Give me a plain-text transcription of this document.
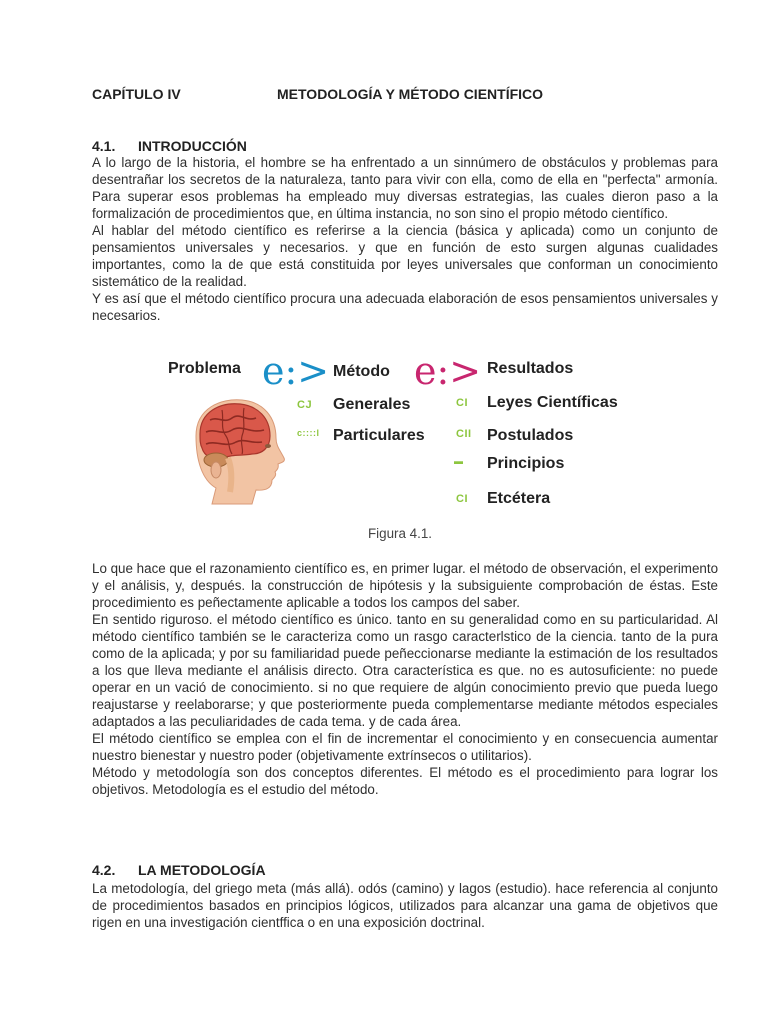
CAPÍTULO IV	METODOLOGÍA Y MÉTODO CIENTÍFICO
4.1. INTRODUCCIÓN

A lo largo de la historia, el hombre se ha enfrentado a un sinnúmero de obstáculos y problemas para desentrañar los secretos de la naturaleza, tanto para vivir con ella, como de ella en "perfecta" armonía. Para superar esos problemas ha empleado muy diversas estrategias, las cuales dieron paso a la formalización de procedimientos que, en última instancia, no son sino el propio método científico.

Al hablar del método científico es referirse a la ciencia (básica y aplicada) como un conjunto de pensamientos universales y necesarios. y que en función de esto surgen algunas cualidades importantes, como la de que está constituida por leyes universales que conforman un conocimiento sistemático de la realidad.

Y es así que el método científico procura una adecuada elaboración de esos pensamientos universales y necesarios.

Problema e:> Método e:> Resultados
CJ Generales
c::::l Particulares
CI Leyes Científicas
CII Postulados
▬ Principios
CI Etcétera
Figura 4.1.

Lo que hace que el razonamiento científico es, en primer lugar. el método de observación, el experimento y el análisis, y, después. la construcción de hipótesis y la subsiguiente comprobación de éstas. Este procedimiento es peñectamente aplicable a todos los campos del saber.

En sentido riguroso. el método científico es único. tanto en su generalidad como en su particularidad. Al método científico también se le caracteriza como un rasgo caracterlstico de la ciencia. tanto de la pura como de la aplicada; y por su familiaridad puede peñeccionarse mediante la estimación de los resultados a los que lleva mediante el análisis directo. Otra característica es que. no es autosuficiente: no puede operar en un vació de conocimiento. si no que requiere de algún conocimiento previo que pueda luego reajustarse y reelaborarse; y que posteriormente pueda complementarse mediante métodos especiales adaptados a las peculiaridades de cada tema. y de cada área.

El método científico se emplea con el fin de incrementar el conocimiento y en consecuencia aumentar nuestro bienestar y nuestro poder (objetivamente extrínsecos o utilitarios).

Método y metodología son dos conceptos diferentes. El método es el procedimiento para lograr los objetivos. Metodología es el estudio del método.

4.2. LA METODOLOGÍA

La metodología, del griego meta (más allá). odós (camino) y lagos (estudio). hace referencia al conjunto de procedimientos basados en principios lógicos, utilizados para alcanzar una gama de objetivos que rigen en una investigación cientffica o en una exposición doctrinal.
